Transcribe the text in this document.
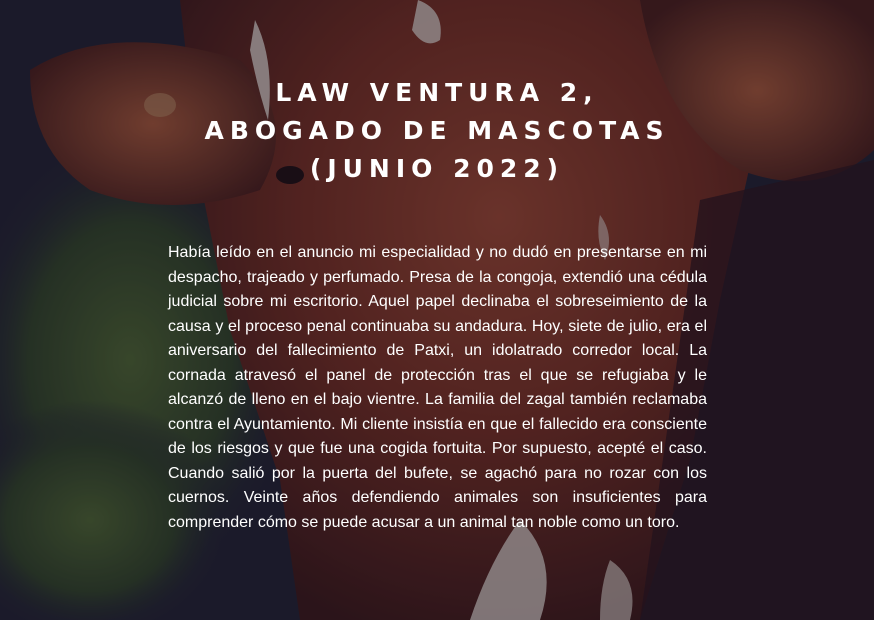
LAW VENTURA 2,
ABOGADO DE MASCOTAS
(JUNIO 2022)

Había leído en el anuncio mi especialidad y no dudó en presentarse en mi despacho, trajeado y perfumado. Presa de la congoja, extendió una cédula judicial sobre mi escritorio. Aquel papel declinaba el sobreseimiento de la causa y el proceso penal continuaba su andadura. Hoy, siete de julio, era el aniversario del fallecimiento de Patxi, un idolatrado corredor local. La cornada atravesó el panel de protección tras el que se refugiaba y le alcanzó de lleno en el bajo vientre. La familia del zagal también reclamaba contra el Ayuntamiento. Mi cliente insistía en que el fallecido era consciente de los riesgos y que fue una cogida fortuita. Por supuesto, acepté el caso. Cuando salió por la puerta del bufete, se agachó para no rozar con los cuernos. Veinte años defendiendo animales son insuficientes para comprender cómo se puede acusar a un animal tan noble como un toro.
